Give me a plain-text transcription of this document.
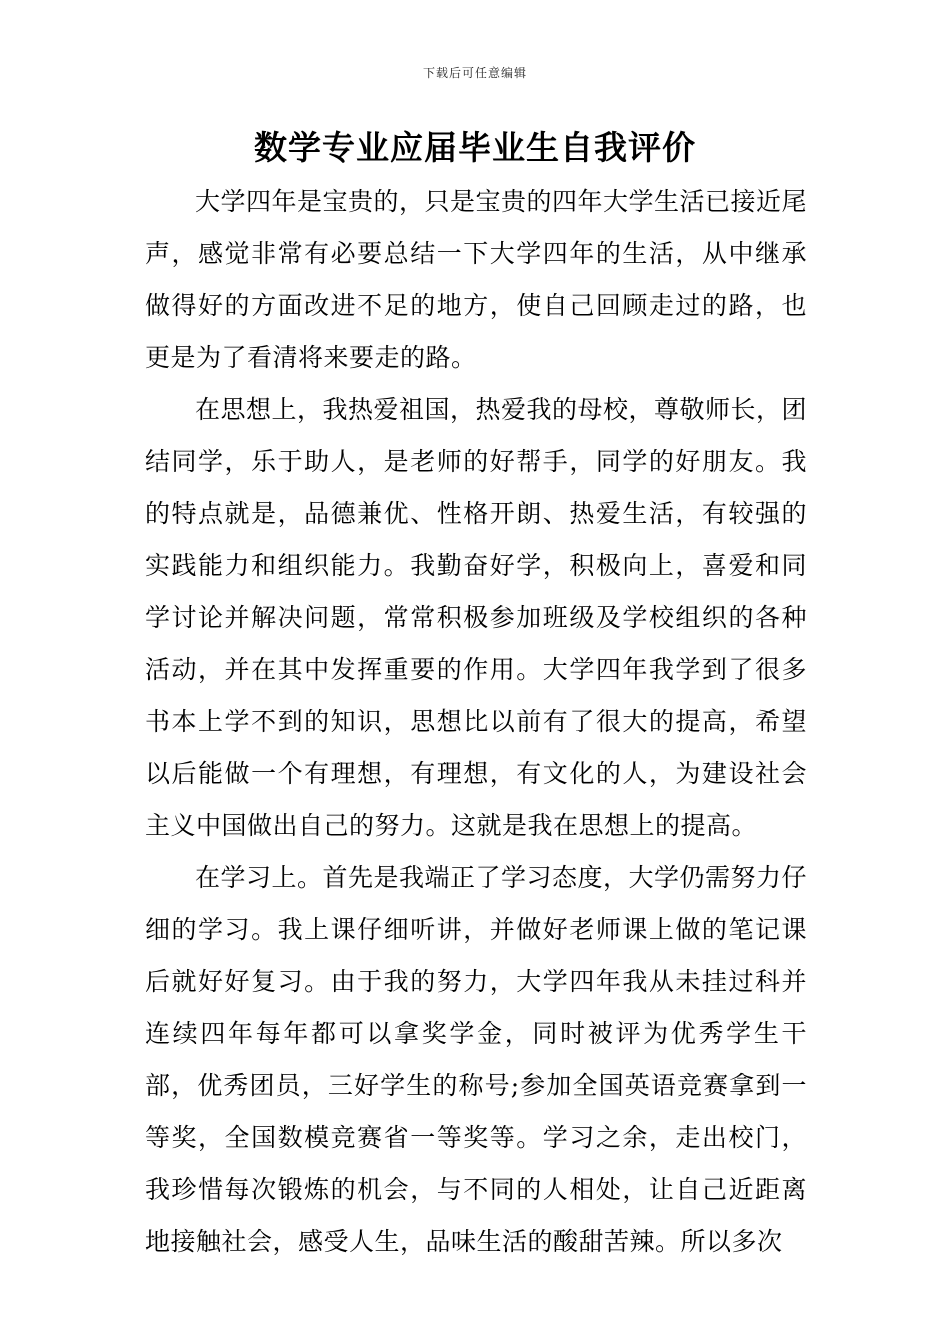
下载后可任意编辑
数学专业应届毕业生自我评价

大学四年是宝贵的，只是宝贵的四年大学生活已接近尾声，感觉非常有必要总结一下大学四年的生活，从中继承做得好的方面改进不足的地方，使自己回顾走过的路，也更是为了看清将来要走的路。

在思想上，我热爱祖国，热爱我的母校，尊敬师长，团结同学，乐于助人，是老师的好帮手，同学的好朋友。我的特点就是，品德兼优、性格开朗、热爱生活，有较强的实践能力和组织能力。我勤奋好学，积极向上，喜爱和同学讨论并解决问题，常常积极参加班级及学校组织的各种活动，并在其中发挥重要的作用。大学四年我学到了很多书本上学不到的知识，思想比以前有了很大的提高，希望以后能做一个有理想，有理想，有文化的人，为建设社会主义中国做出自己的努力。这就是我在思想上的提高。

在学习上。首先是我端正了学习态度，大学仍需努力仔细的学习。我上课仔细听讲，并做好老师课上做的笔记课后就好好复习。由于我的努力，大学四年我从未挂过科并连续四年每年都可以拿奖学金，同时被评为优秀学生干部，优秀团员，三好学生的称号;参加全国英语竞赛拿到一等奖，全国数模竞赛省一等奖等。学习之余，走出校门，我珍惜每次锻炼的机会，与不同的人相处，让自己近距离地接触社会，感受人生，品味生活的酸甜苦辣。所以多次
